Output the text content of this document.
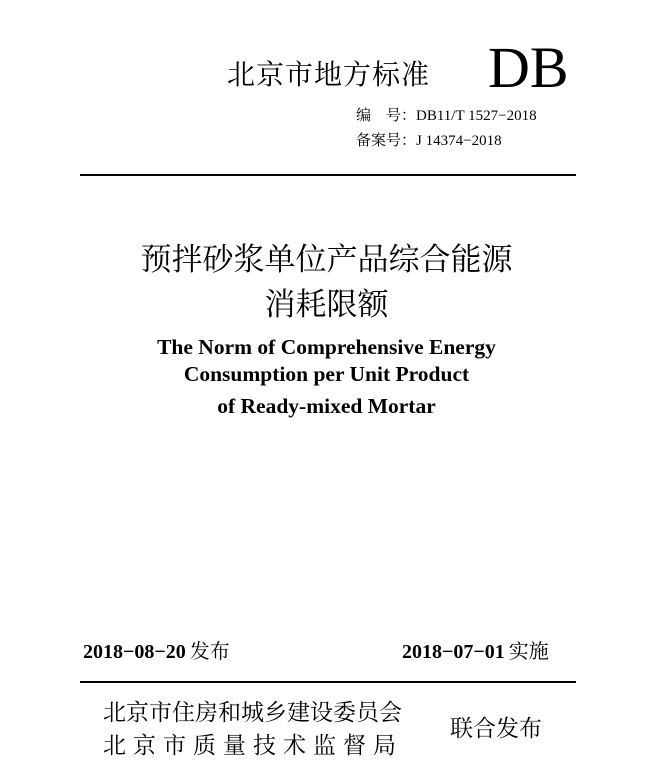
北京市地方标准 DB
编　号：DB11/T 1527−2018
备案号：J 14374−2018
预拌砂浆单位产品综合能源
消耗限额
The Norm of Comprehensive Energy
Consumption per Unit Product
of Ready-mixed Mortar
2018−08−20 发布	2018−07−01 实施
北京市住房和城乡建设委员会
北京市质量技术监督局
联合发布
